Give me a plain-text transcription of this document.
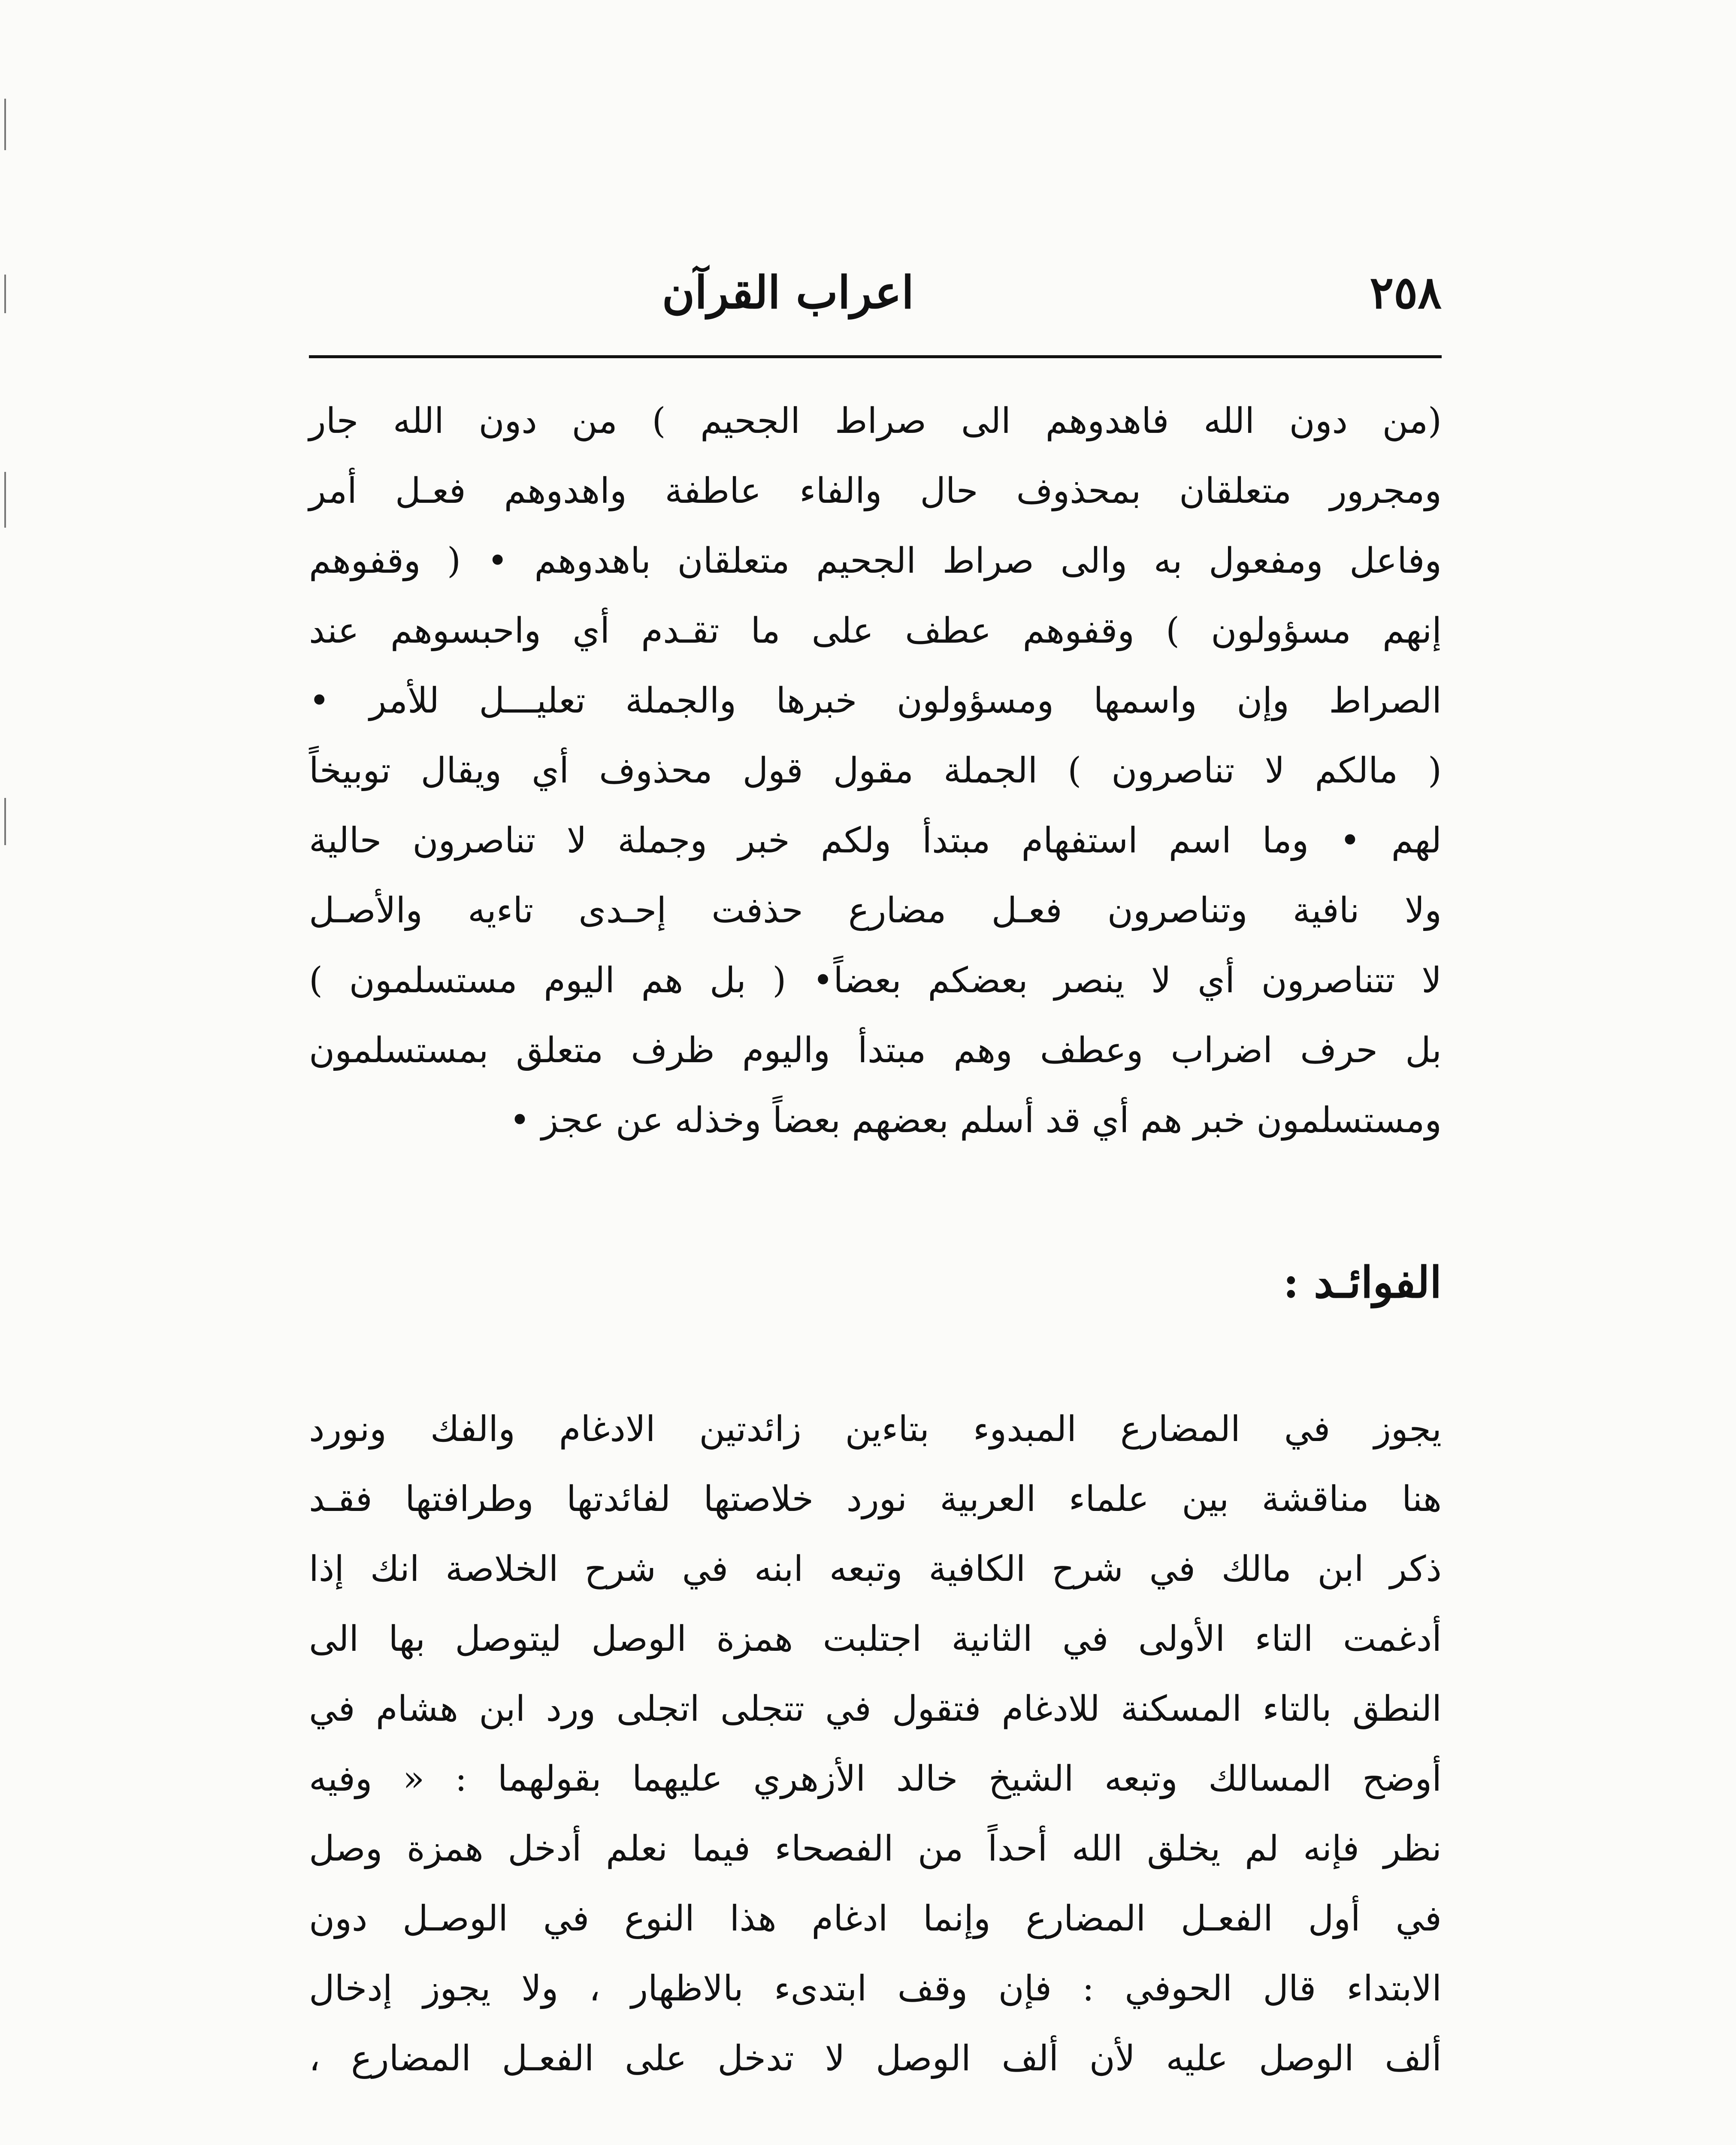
٢٥٨
اعراب القرآن
(من دون الله فاهدوهم الى صراط الجحيم ) من دون الله جار
ومجرور متعلقان بمحذوف حال والفاء عاطفة واهدوهم فعـل أمر
وفاعل ومفعول به والى صراط الجحيم متعلقان باهدوهم • ( وقفوهم
إنهم مسؤولون ) وقفوهم عطف على ما تقـدم أي واحبسوهم عند
الصراط وإن واسمها ومسؤولون خبرها والجملة تعليـــل للأمر •
( مالكم لا تناصرون ) الجملة مقول قول محذوف أي ويقال توبيخاً
لهم • وما اسم استفهام مبتدأ ولكم خبر وجملة لا تناصرون حالية
ولا نافية وتناصرون فعـل مضارع حذفت إحـدى تاءيه والأصـل
لا تتناصرون أي لا ينصر بعضكم بعضاً• ( بل هم اليوم مستسلمون )
بل حرف اضراب وعطف وهم مبتدأ واليوم ظرف متعلق بمستسلمون
ومستسلمون خبر هم أي قد أسلم بعضهم بعضاً وخذله عن عجز •
الفوائـد :
يجوز في المضارع المبدوء بتاءين زائدتين الادغام والفك ونورد
هنا مناقشة بين علماء العربية نورد خلاصتها لفائدتها وطرافتها فقـد
ذكر ابن مالك في شرح الكافية وتبعه ابنه في شرح الخلاصة انك إذا
أدغمت التاء الأولى في الثانية اجتلبت همزة الوصل ليتوصل بها الى
النطق بالتاء المسكنة للادغام فتقول في تتجلى اتجلى ورد ابن هشام في
أوضح المسالك وتبعه الشيخ خالد الأزهري عليهما بقولهما : « وفيه
نظر فإنه لم يخلق الله أحداً من الفصحاء فيما نعلم أدخل همزة وصل
في أول الفعـل المضارع وإنما ادغام هذا النوع في الوصـل دون
الابتداء قال الحوفي : فإن وقف ابتدىء بالاظهار ، ولا يجوز إدخال
ألف الوصل عليه لأن ألف الوصل لا تدخل على الفعـل المضارع ،
